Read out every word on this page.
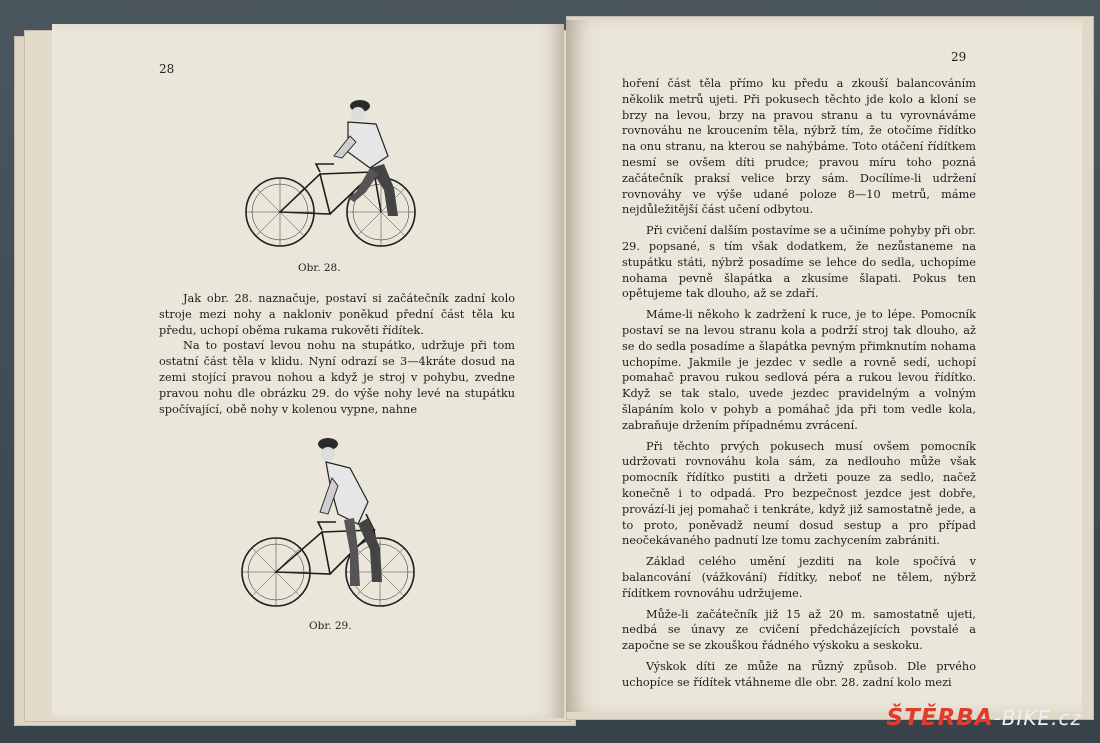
28
Obr. 28.

Jak obr. 28. naznačuje, postaví si začátečník zadní kolo stroje mezi nohy a nakloniv poněkud přední část těla ku předu, uchopí oběma rukama rukověti řídítek.

Na to postaví levou nohu na stupátko, udržuje při tom ostatní část těla v klidu. Nyní odrazí se 3—4kráte dosud na zemi stojící pravou nohou a když je stroj v pohybu, zvedne pravou nohu dle obrázku 29. do výše nohy levé na stupátku spočívající, obě nohy v kolenou vypne, nahne

Obr. 29.
29

hoření část tělа přímo ku předu a zkouší balancováním několik metrů ujeti. Při pokusech těchto jde kolo a kloní se brzy na levou, brzy na pravou stranu a tu vyrovnáváme rovnováhu ne kroucením těla, nýbrž tím, že otočíme řídítko na onu stranu, na kterou se nahýbáme. Toto otáčení řídítkem nesmí se ovšem díti prudce; pravou míru toho pozná začátečník praksí velice brzy sám. Docílíme-li udržení rovnováhy ve výše udané poloze 8—10 metrů, máme nejdůležitější část učení odbytou.

Při cvičení dalším postavíme se a učiníme pohyby při obr. 29. popsané, s tím však dodatkem, že nezůstaneme na stupátku státi, nýbrž posadíme se lehce do sedla, uchopíme nohama pevně šlapátka a zkusíme šlapati. Pokus ten opětujeme tak dlouho, až se zdaří.

Máme-li někoho k zadržení k ruce, je to lépe. Pomocník postaví se na levou stranu kola a podrží stroj tak dlouho, až se do sedla posadíme a šlapátka pevným přimknutím nohama uchopíme. Jakmile je jezdec v sedle a rovně sedí, uchopí pomahač pravou rukou sedlová péra a rukou levou řídítko. Když se tak stalo, uvede jezdec pravidelným a volným šlapáním kolo v pohyb a pomáhač jda při tom vedle kola, zabraňuje držením případnému zvrácení.

Při těchto prvých pokusech musí ovšem pomocník udržovati rovnováhu kola sám, za nedlouho může však pomocník řídítko pustiti a držeti pouze za sedlo, načež konečně i to odpadá. Pro bezpečnost jezdce jest dobře, provází-li jej pomahač i tenkráte, když již samostatně jede, a to proto, poněvadž neumí dosud sestup a pro případ neočekávaného padnutí lze tomu zachycením zabrániti.

Základ celého umění jezditi na kole spočívá v balancování (vážkování) řídítky, neboť ne tělem, nýbrž řídítkem rovnováhu udržujeme.

Může-li začátečník již 15 až 20 m. samostatně ujeti, nedbá se únavy ze cvičení předcházejících povstalé a započne se se zkouškou řádného výskoku a seskoku.

Výskok díti ze může na různý způsob. Dle prvého uchopíce se řídítek vtáhneme dle obr. 28. zadní kolo mezi

ŠTĚRBA-BIKE.cz
